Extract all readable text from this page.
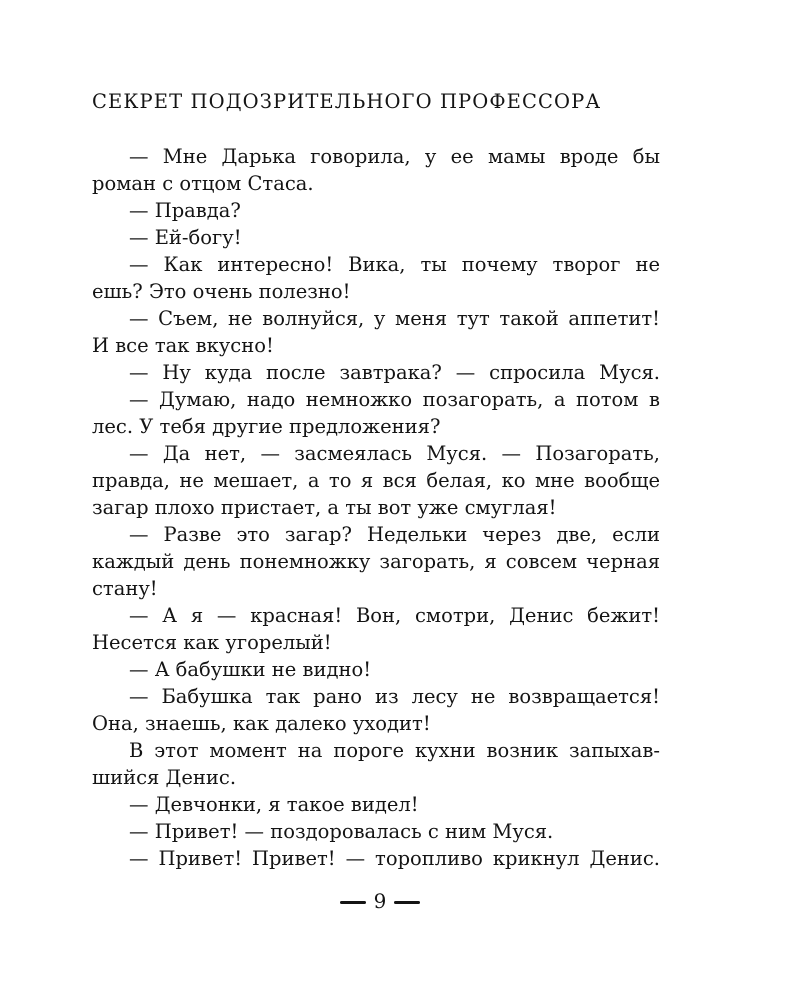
СЕКРЕТ ПОДОЗРИТЕЛЬНОГО ПРОФЕССОРА
— Мне Дарька говорила, у ее мамы вроде бы
роман с отцом Стаса.
— Правда?
— Ей-богу!
— Как интересно! Вика, ты почему творог не
ешь? Это очень полезно!
— Съем, не волнуйся, у меня тут такой аппетит!
И все так вкусно!
— Ну куда после завтрака? — спросила Муся.
— Думаю, надо немножко позагорать, а потом в
лес. У тебя другие предложения?
— Да нет, — засмеялась Муся. — Позагорать,
правда, не мешает, а то я вся белая, ко мне вообще
загар плохо пристает, а ты вот уже смуглая!
— Разве это загар? Недельки через две, если
каждый день понемножку загорать, я совсем черная
стану!
— А я — красная! Вон, смотри, Денис бежит!
Несется как угорелый!
— А бабушки не видно!
— Бабушка так рано из лесу не возвращается!
Она, знаешь, как далеко уходит!
В этот момент на пороге кухни возник запыхав-
шийся Денис.
— Девчонки, я такое видел!
— Привет! — поздоровалась с ним Муся.
— Привет! Привет! — торопливо крикнул Денис.
9
